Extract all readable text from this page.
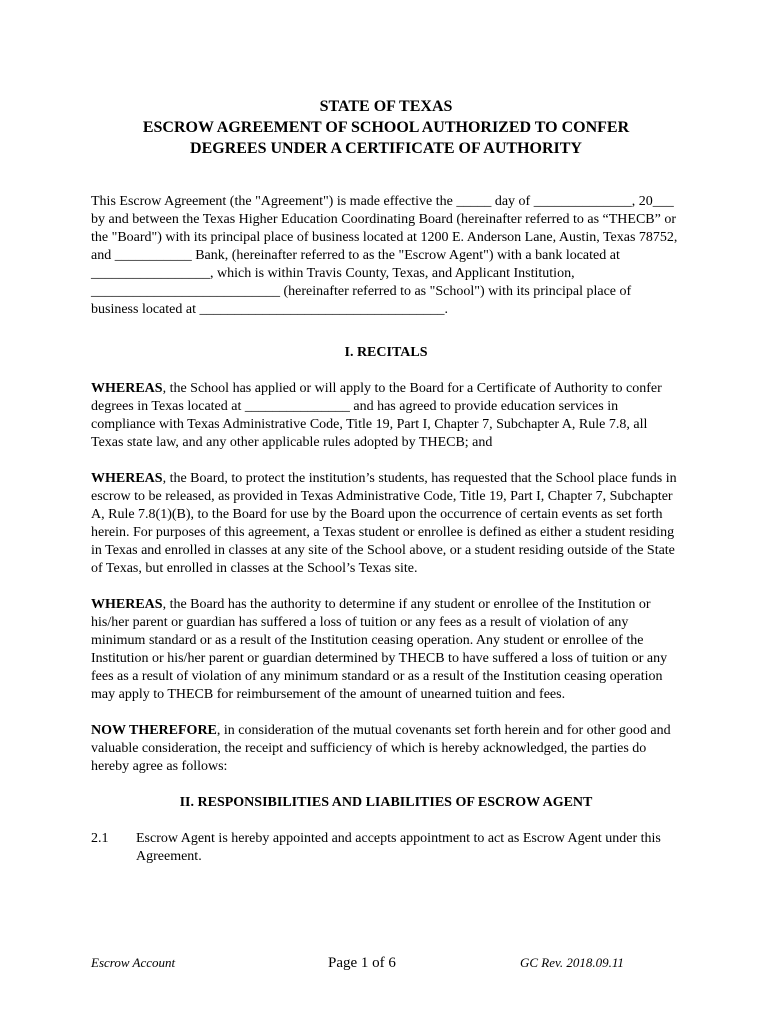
STATE OF TEXAS

ESCROW AGREEMENT OF SCHOOL AUTHORIZED TO CONFER

DEGREES UNDER A CERTIFICATE OF AUTHORITY

This Escrow Agreement (the "Agreement") is made effective the _____ day of ______________, 20___ by and between the Texas Higher Education Coordinating Board (hereinafter referred to as “THECB” or the "Board") with its principal place of business located at 1200 E. Anderson Lane, Austin, Texas 78752, and ___________ Bank, (hereinafter referred to as the "Escrow Agent") with a bank located at _________________, which is within Travis County, Texas, and Applicant Institution, ___________________________ (hereinafter referred to as "School") with its principal place of business located at ___________________________________.

I. RECITALS

WHEREAS, the School has applied or will apply to the Board for a Certificate of Authority to confer degrees in Texas located at _______________ and has agreed to provide education services in compliance with Texas Administrative Code, Title 19, Part I, Chapter 7, Subchapter A, Rule 7.8, all Texas state law, and any other applicable rules adopted by THECB; and

WHEREAS, the Board, to protect the institution’s students, has requested that the School place funds in escrow to be released, as provided in Texas Administrative Code, Title 19, Part I, Chapter 7, Subchapter A, Rule 7.8(1)(B), to the Board for use by the Board upon the occurrence of certain events as set forth herein. For purposes of this agreement, a Texas student or enrollee is defined as either a student residing in Texas and enrolled in classes at any site of the School above, or a student residing outside of the State of Texas, but enrolled in classes at the School’s Texas site.

WHEREAS, the Board has the authority to determine if any student or enrollee of the Institution or his/her parent or guardian has suffered a loss of tuition or any fees as a result of violation of any minimum standard or as a result of the Institution ceasing operation. Any student or enrollee of the Institution or his/her parent or guardian determined by THECB to have suffered a loss of tuition or any fees as a result of violation of any minimum standard or as a result of the Institution ceasing operation may apply to THECB for reimbursement of the amount of unearned tuition and fees.

NOW THEREFORE, in consideration of the mutual covenants set forth herein and for other good and valuable consideration, the receipt and sufficiency of which is hereby acknowledged, the parties do hereby agree as follows:

II. RESPONSIBILITIES AND LIABILITIES OF ESCROW AGENT

2.1	Escrow Agent is hereby appointed and accepts appointment to act as Escrow Agent under this Agreement.
Escrow Account	Page 1 of 6	GC Rev. 2018.09.11
